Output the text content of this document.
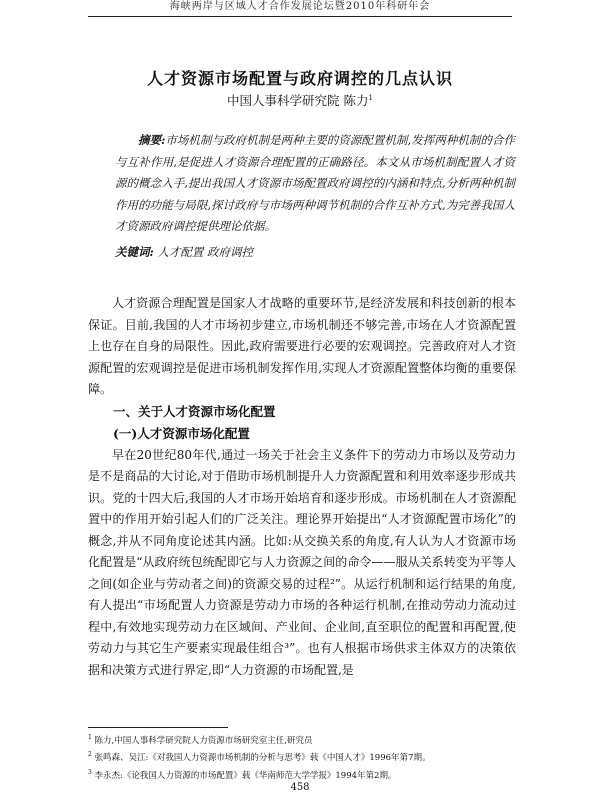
海峡两岸与区域人才合作发展论坛暨2010年科研年会
人才资源市场配置与政府调控的几点认识
中国人事科学研究院 陈力$^1$

摘要:市场机制与政府机制是两种主要的资源配置机制,发挥两种机制的合作与互补作用,是促进人才资源合理配置的正确路径。本文从市场机制配置人才资源的概念入手,提出我国人才资源市场配置政府调控的内涵和特点,分析两种机制作用的功能与局限,探讨政府与市场两种调节机制的合作互补方式,为完善我国人才资源政府调控提供理论依据。

关键词: 人才配置 政府调控

人才资源合理配置是国家人才战略的重要环节,是经济发展和科技创新的根本保证。目前,我国的人才市场初步建立,市场机制还不够完善,市场在人才资源配置上也存在自身的局限性。因此,政府需要进行必要的宏观调控。完善政府对人才资源配置的宏观调控是促进市场机制发挥作用,实现人才资源配置整体均衡的重要保障。

一、关于人才资源市场化配置

(一)人才资源市场化配置

早在20世纪80年代,通过一场关于社会主义条件下的劳动力市场以及劳动力是不是商品的大讨论,对于借助市场机制提升人力资源配置和利用效率逐步形成共识。党的十四大后,我国的人才市场开始培育和逐步形成。市场机制在人才资源配置中的作用开始引起人们的广泛关注。理论界开始提出“人才资源配置市场化”的概念,并从不同角度论述其内涵。比如:从交换关系的角度,有人认为人才资源市场化配置是“从政府统包统配即它与人力资源之间的命令——服从关系转变为平等人之间(如企业与劳动者之间)的资源交易的过程²”。从运行机制和运行结果的角度,有人提出“市场配置人力资源是劳动力市场的各种运行机制,在推动劳动力流动过程中,有效地实现劳动力在区域间、产业间、企业间,直至职位的配置和再配置,使劳动力与其它生产要素实现最佳组合³”。也有人根据市场供求主体双方的决策依据和决策方式进行界定,即“人力资源的市场配置,是

$^1$ 陈力,中国人事科学研究院人力资源市场研究室主任,研究员
$^2$ 张鸣森、吴江:《对我国人力资源市场机制的分析与思考》载《中国人才》1996年第7期。
$^3$ 李永杰:《论我国人力资源的市场配置》载《华南师范大学学报》1994年第2期。
458
